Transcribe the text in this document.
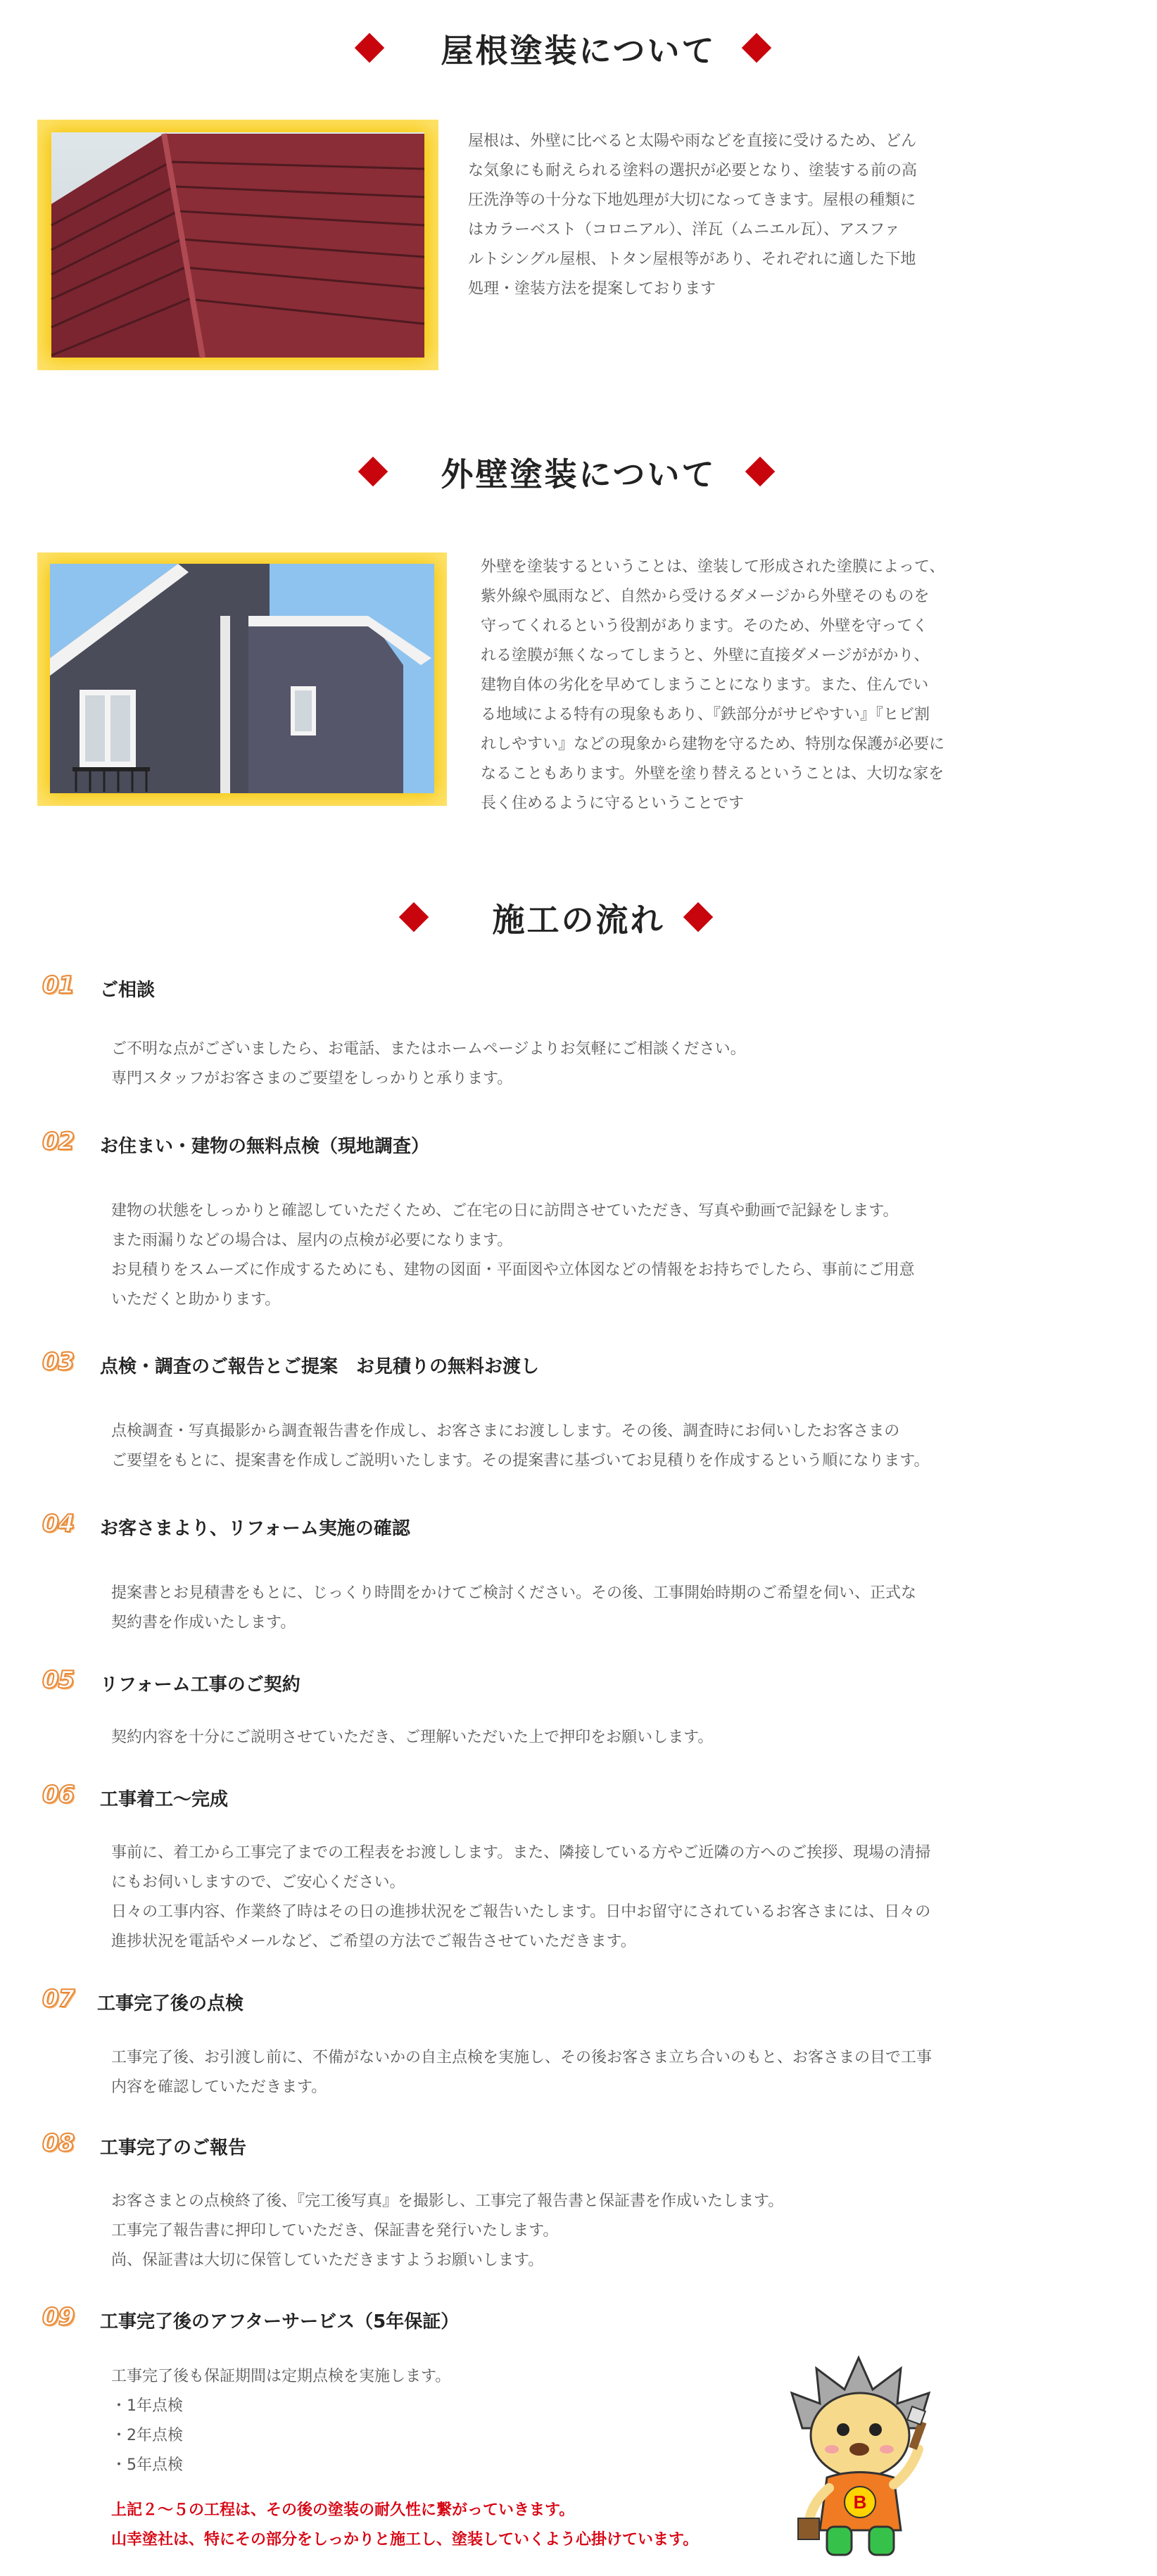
屋根塗装について
屋根は、外壁に比べると太陽や雨などを直接に受けるため、どん
な気象にも耐えられる塗料の選択が必要となり、塗装する前の高
圧洗浄等の十分な下地処理が大切になってきます。屋根の種類に
はカラーベスト（コロニアル）、洋瓦（ムニエル瓦）、アスファ
ルトシングル屋根、トタン屋根等があり、それぞれに適した下地
処理・塗装方法を提案しております
外壁塗装について
外壁を塗装するということは、塗装して形成された塗膜によって、
紫外線や風雨など、自然から受けるダメージから外壁そのものを
守ってくれるという役割があります。そのため、外壁を守ってく
れる塗膜が無くなってしまうと、外壁に直接ダメージががかり、
建物自体の劣化を早めてしまうことになります。また、住んでい
る地域による特有の現象もあり、『鉄部分がサビやすい』『ヒビ割
れしやすい』などの現象から建物を守るため、特別な保護が必要に
なることもあります。外壁を塗り替えるということは、大切な家を
長く住めるように守るということです
施工の流れ
01 ご相談
ご不明な点がございましたら、お電話、またはホームページよりお気軽にご相談ください。
専門スタッフがお客さまのご要望をしっかりと承ります。
02 お住まい・建物の無料点検（現地調査）
建物の状態をしっかりと確認していただくため、ご在宅の日に訪問させていただき、写真や動画で記録をします。
また雨漏りなどの場合は、屋内の点検が必要になります。
お見積りをスムーズに作成するためにも、建物の図面・平面図や立体図などの情報をお持ちでしたら、事前にご用意
いただくと助かります。
03 点検・調査のご報告とご提案　お見積りの無料お渡し
点検調査・写真撮影から調査報告書を作成し、お客さまにお渡しします。その後、調査時にお伺いしたお客さまの
ご要望をもとに、提案書を作成しご説明いたします。その提案書に基づいてお見積りを作成するという順になります。
04 お客さまより、リフォーム実施の確認
提案書とお見積書をもとに、じっくり時間をかけてご検討ください。その後、工事開始時期のご希望を伺い、正式な
契約書を作成いたします。
05 リフォーム工事のご契約
契約内容を十分にご説明させていただき、ご理解いただいた上で押印をお願いします。
06 工事着工～完成
事前に、着工から工事完了までの工程表をお渡しします。また、隣接している方やご近隣の方へのご挨拶、現場の清掃
にもお伺いしますので、ご安心ください。
日々の工事内容、作業終了時はその日の進捗状況をご報告いたします。日中お留守にされているお客さまには、日々の
進捗状況を電話やメールなど、ご希望の方法でご報告させていただきます。
07 工事完了後の点検
工事完了後、お引渡し前に、不備がないかの自主点検を実施し、その後お客さま立ち合いのもと、お客さまの目で工事
内容を確認していただきます。
08 工事完了のご報告
お客さまとの点検終了後、『完工後写真』を撮影し、工事完了報告書と保証書を作成いたします。
工事完了報告書に押印していただき、保証書を発行いたします。
尚、保証書は大切に保管していただきますようお願いします。
09 工事完了後のアフターサービス（5年保証）
工事完了後も保証期間は定期点検を実施します。
・1年点検
・2年点検
・5年点検
上記２～５の工程は、その後の塗装の耐久性に繋がっていきます。
山幸塗社は、特にその部分をしっかりと施工し、塗装していくよう心掛けています。
B
